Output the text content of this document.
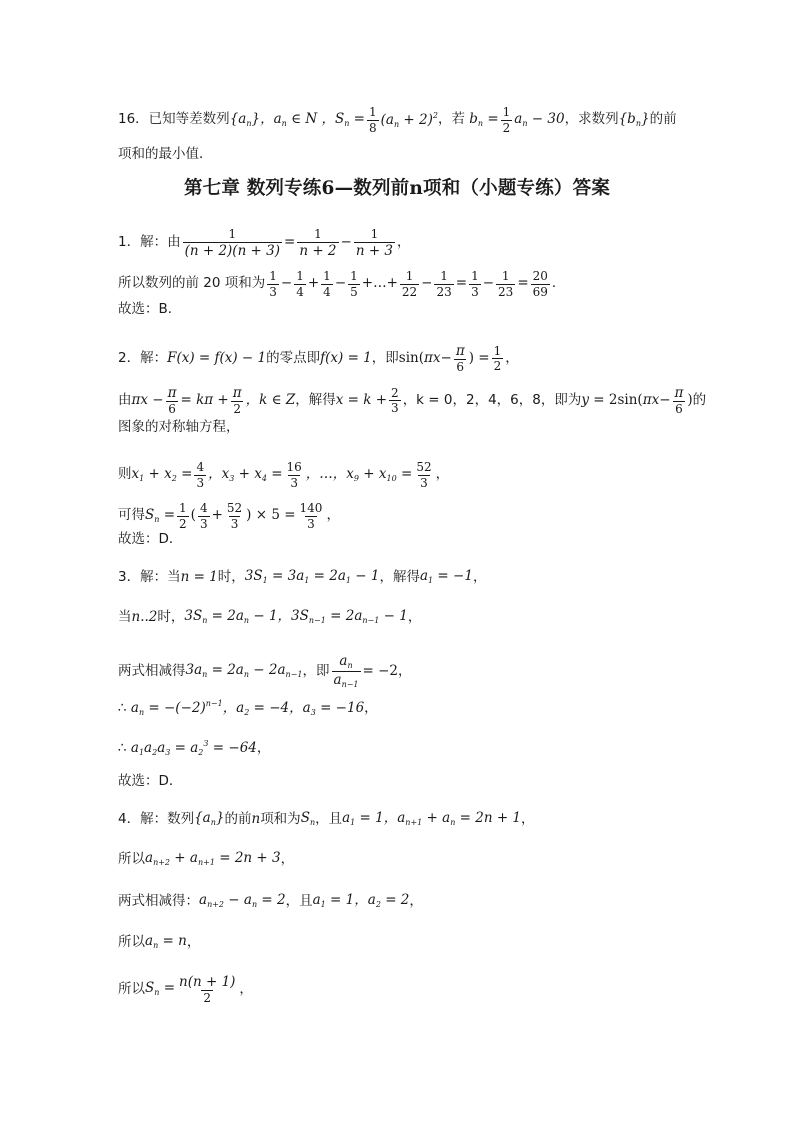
16．已知等差数列 $\{a_n\}$，$a_n$ ∈ N ，$S_n = \frac{1}{8} (a_n + 2)^2$ ，若 $b_n = \frac{1}{2} a_n - 30$ ，求数列 $\{b_n\}$ 的前
项和的最小值．
第七章 数列专练6—数列前n项和（小题专练）答案
1．解：由 $\frac{1}{(n + 2)(n + 3)} = \frac{1}{n + 2} - \frac{1}{n + 3}$ ，
所以数列的前 20 项和为 $\frac{1}{3} - \frac{1}{4} + \frac{1}{4} - \frac{1}{5}$ +…+ $\frac{1}{22} - \frac{1}{23} = \frac{1}{3} - \frac{1}{23} = \frac{20}{69}$ ．
故选：B．
2．解： F(x) = f(x) − 1 的零点即 f(x) = 1 ，即 sin( $\pi x - \frac{\pi}{6}$ ) = $\frac{1}{2}$ ，
由 $\pi x - \frac{\pi}{6} = k\pi + \frac{\pi}{2}$ ，k ∈ Z ，解得 $x = k + \frac{2}{3}$ ，k = 0，2，4，6，8，即为 y = 2sin( $\pi x - \frac{\pi}{6}$ ) 的
图象的对称轴方程，
则 $x_1 + x_2 = \frac{4}{3}$ ，$x_3 + x_4 = \frac{16}{3}$ ，…，$x_9 + x_{10} = \frac{52}{3}$ ，
可得 $S_n = \frac{1}{2}$ ( $\frac{4}{3} + \frac{52}{3}$ ) × $5 = \frac{140}{3}$ ，
故选：D．
3．解：当 n = 1 时， $3S_1 = 3a_1 = 2a_1 - 1$ ，解得 $a_1 = -1$ ，
当 n..2 时， $3S_n = 2a_n - 1$，$3S_{n-1} = 2a_{n-1} - 1$ ，
两式相减得 $3a_n = 2a_n - 2a_{n-1}$ ，即 $\frac{a_n}{a_{n-1}} = -2$ ，
∴ $a_n = -(-2)^{n-1}$，$a_2 = -4$，$a_3 = -16$ ，
∴ $a_1a_2a_3 = a_2^3 = -64$ ，
故选：D．
4．解：数列 $\{a_n\}$ 的前 n 项和为 $S_n$ ，且 $a_1 = 1$，$a_{n+1} + a_n = 2n + 1$ ，
所以 $a_{n+2} + a_{n+1} = 2n + 3$ ，
两式相减得： $a_{n+2} - a_n = 2$ ，且 $a_1 = 1$，$a_2 = 2$ ，
所以 $a_n = n$ ，
所以 $S_n = \frac{n(n + 1)}{2}$ ，
